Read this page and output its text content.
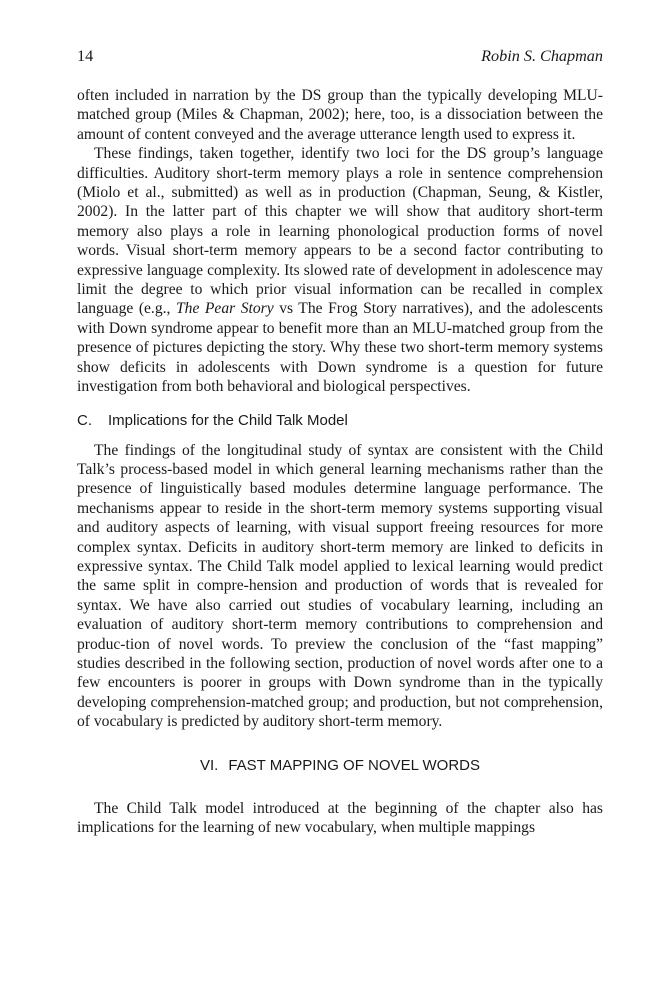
14	Robin S. Chapman

often included in narration by the DS group than the typically developing MLU-matched group (Miles & Chapman, 2002); here, too, is a dissociation between the amount of content conveyed and the average utterance length used to express it.

These findings, taken together, identify two loci for the DS group’s language difficulties. Auditory short-term memory plays a role in sentence comprehension (Miolo et al., submitted) as well as in production (Chapman, Seung, & Kistler, 2002). In the latter part of this chapter we will show that auditory short-term memory also plays a role in learning phonological production forms of novel words. Visual short-term memory appears to be a second factor contributing to expressive language complexity. Its slowed rate of development in adolescence may limit the degree to which prior visual information can be recalled in complex language (e.g., The Pear Story vs The Frog Story narratives), and the adolescents with Down syndrome appear to benefit more than an MLU-matched group from the presence of pictures depicting the story. Why these two short-term memory systems show deficits in adolescents with Down syndrome is a question for future investigation from both behavioral and biological perspectives.

C. Implications for the Child Talk Model

The findings of the longitudinal study of syntax are consistent with the Child Talk’s process-based model in which general learning mechanisms rather than the presence of linguistically based modules determine language performance. The mechanisms appear to reside in the short-term memory systems supporting visual and auditory aspects of learning, with visual support freeing resources for more complex syntax. Deficits in auditory short-term memory are linked to deficits in expressive syntax. The Child Talk model applied to lexical learning would predict the same split in compre-hension and production of words that is revealed for syntax. We have also carried out studies of vocabulary learning, including an evaluation of auditory short-term memory contributions to comprehension and produc-tion of novel words. To preview the conclusion of the “fast mapping” studies described in the following section, production of novel words after one to a few encounters is poorer in groups with Down syndrome than in the typically developing comprehension-matched group; and production, but not comprehension, of vocabulary is predicted by auditory short-term memory.

VI. FAST MAPPING OF NOVEL WORDS

The Child Talk model introduced at the beginning of the chapter also has implications for the learning of new vocabulary, when multiple mappings
